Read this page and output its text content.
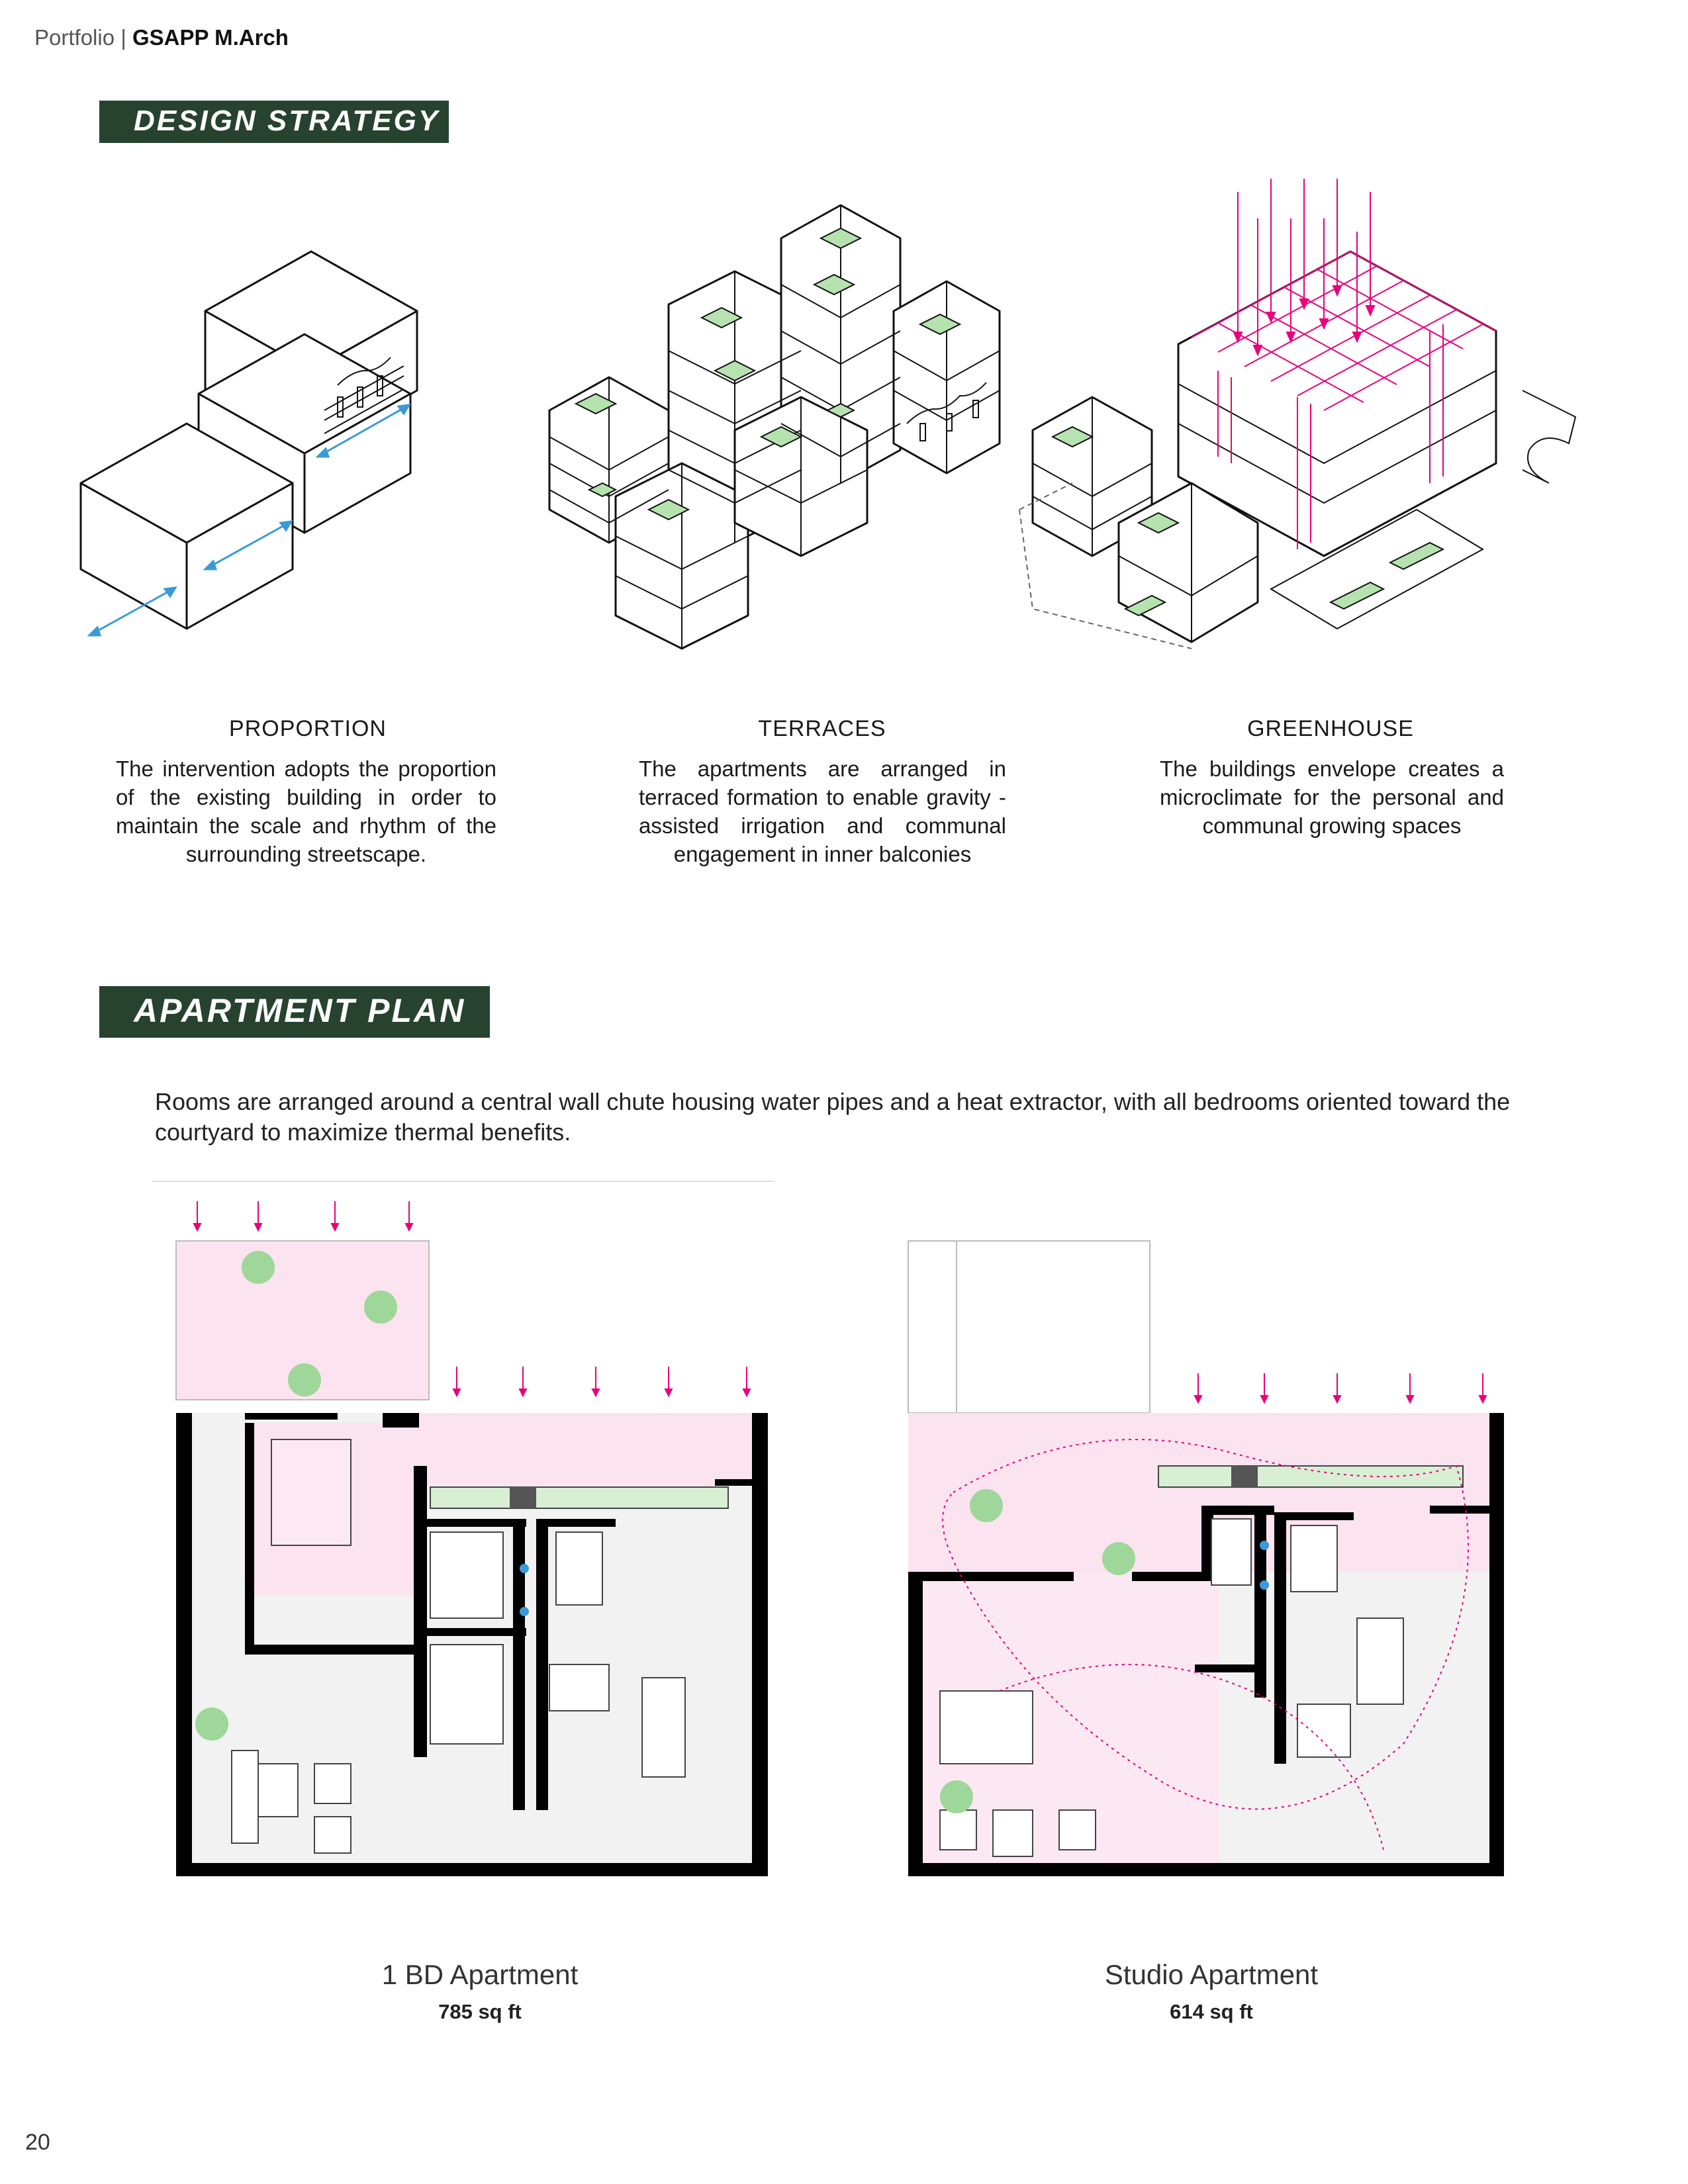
Portfolio | GSAPP M.Arch
DESIGN STRATEGY
APARTMENT PLAN
PROPORTION
The intervention adopts the proportion of the existing building in order to maintain the scale and rhythm of the surrounding streetscape.
TERRACES
The apartments are arranged in terraced formation to enable gravity -assisted irrigation and communal engagement in inner balconies
GREENHOUSE
The buildings envelope creates a microclimate for the personal and communal growing spaces
Rooms are arranged around a central wall chute housing water pipes and a heat extractor, with all bedrooms oriented toward the courtyard to maximize thermal benefits.
1 BD Apartment
785 sq ft
Studio Apartment
614 sq ft
20
